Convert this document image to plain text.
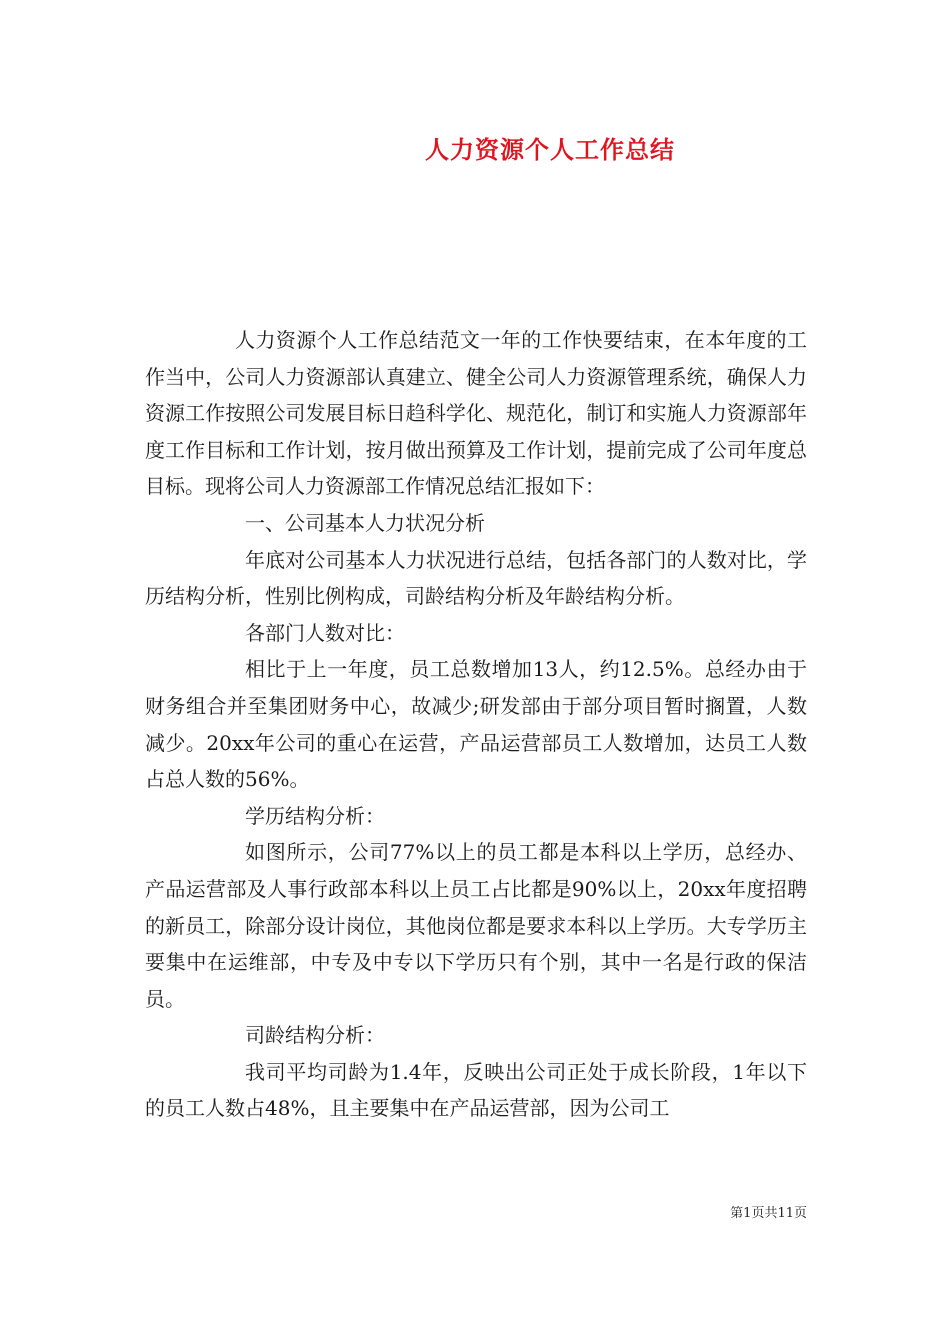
人力资源个人工作总结

人力资源个人工作总结范文一年的工作快要结束，在本年度的工作当中，公司人力资源部认真建立、健全公司人力资源管理系统，确保人力资源工作按照公司发展目标日趋科学化、规范化，制订和实施人力资源部年度工作目标和工作计划，按月做出预算及工作计划，提前完成了公司年度总目标。现将公司人力资源部工作情况总结汇报如下：

一、公司基本人力状况分析

年底对公司基本人力状况进行总结，包括各部门的人数对比，学历结构分析，性别比例构成，司龄结构分析及年龄结构分析。

各部门人数对比：

相比于上一年度，员工总数增加13人，约12.5%。总经办由于财务组合并至集团财务中心，故减少;研发部由于部分项目暂时搁置，人数减少。20xx年公司的重心在运营，产品运营部员工人数增加，达员工人数占总人数的56%。

学历结构分析：

如图所示，公司77%以上的员工都是本科以上学历，总经办、产品运营部及人事行政部本科以上员工占比都是90%以上，20xx年度招聘的新员工，除部分设计岗位，其他岗位都是要求本科以上学历。大专学历主要集中在运维部，中专及中专以下学历只有个别，其中一名是行政的保洁员。

司龄结构分析：

我司平均司龄为1.4年，反映出公司正处于成长阶段，1年以下的员工人数占48%，且主要集中在产品运营部，因为公司工

第1页共11页
